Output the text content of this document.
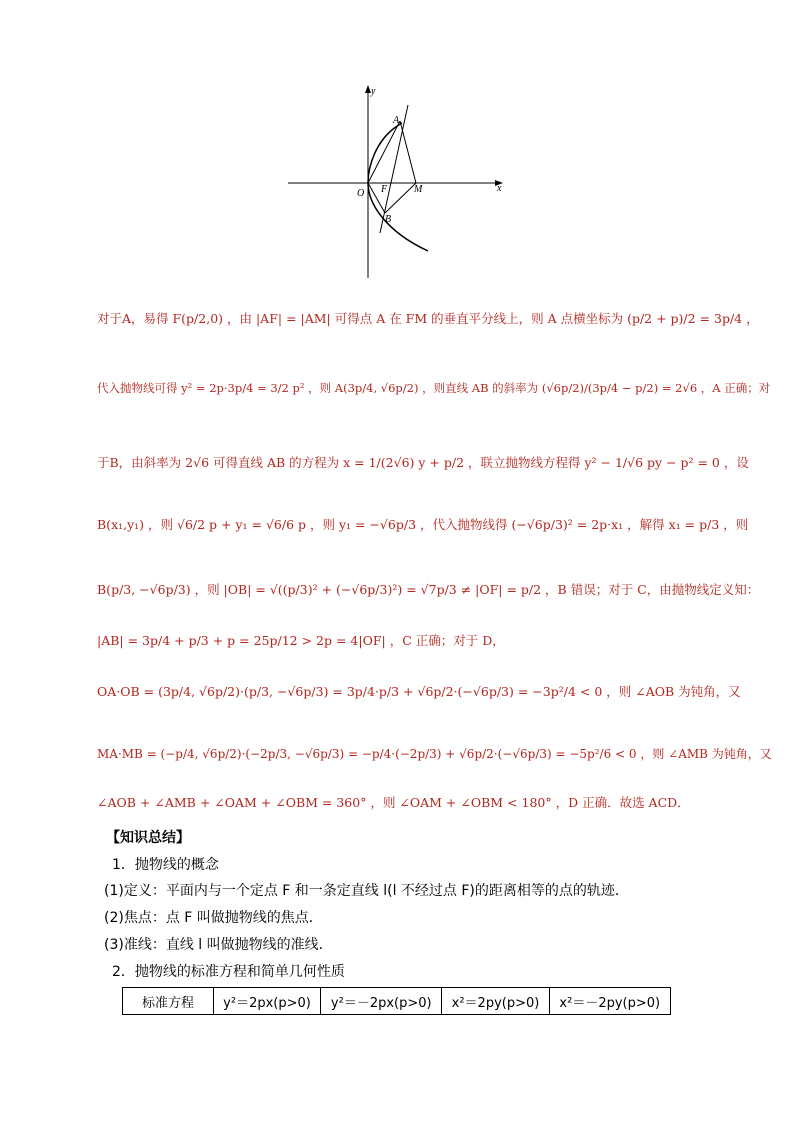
y
x
A
O F	M
B
对于A，易得 F(p/2,0) ，由 |AF| = |AM| 可得点 A 在 FM 的垂直平分线上，则 A 点横坐标为 (p/2 + p)/2 = 3p/4 ，
代入抛物线可得 y² = 2p·3p/4 = 3/2 p² ，则 A(3p/4, √6p/2) ，则直线 AB 的斜率为 (√6p/2)/(3p/4 − p/2) = 2√6 ，A 正确；对
于B，由斜率为 2√6 可得直线 AB 的方程为 x = 1/(2√6) y + p/2 ，联立抛物线方程得 y² − 1/√6 py − p² = 0 ，设
B(x₁,y₁) ，则 √6/2 p + y₁ = √6/6 p ，则 y₁ = −√6p/3 ，代入抛物线得 (−√6p/3)² = 2p·x₁ ，解得 x₁ = p/3 ，则
B(p/3, −√6p/3) ，则 |OB| = √((p/3)² + (−√6p/3)²) = √7p/3 ≠ |OF| = p/2 ，B 错误；对于 C，由抛物线定义知：
|AB| = 3p/4 + p/3 + p = 25p/12 > 2p = 4|OF| ，C 正确；对于 D，
OA·OB = (3p/4, √6p/2)·(p/3, −√6p/3) = 3p/4·p/3 + √6p/2·(−√6p/3) = −3p²/4 < 0 ，则 ∠AOB 为钝角，又
MA·MB = (−p/4, √6p/2)·(−2p/3, −√6p/3) = −p/4·(−2p/3) + √6p/2·(−√6p/3) = −5p²/6 < 0 ，则 ∠AMB 为钝角，又
∠AOB + ∠AMB + ∠OAM + ∠OBM = 360° ，则 ∠OAM + ∠OBM < 180° ，D 正确．故选 ACD．
【知识总结】
1．抛物线的概念
(1)定义：平面内与一个定点 F 和一条定直线 l(l 不经过点 F)的距离相等的点的轨迹．
(2)焦点：点 F 叫做抛物线的焦点．
(3)准线：直线 l 叫做抛物线的准线．
2．抛物线的标准方程和简单几何性质
标准方程	y²＝2px(p>0)	y²＝－2px(p>0)	x²＝2py(p>0)	x²＝－2py(p>0)
